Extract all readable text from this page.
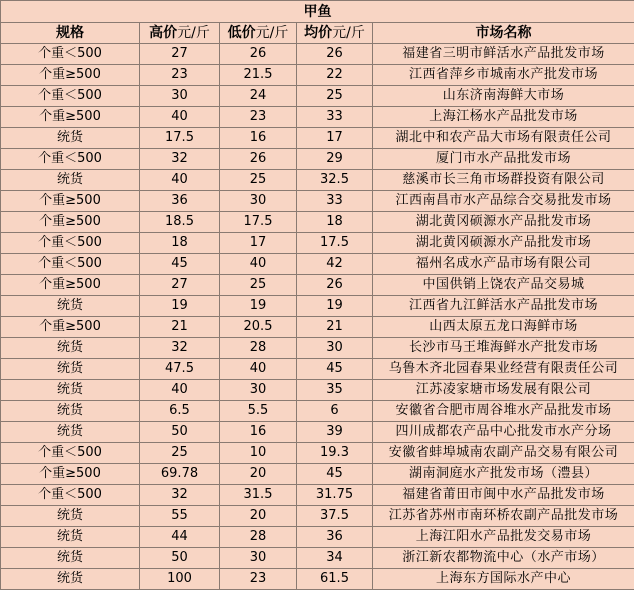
甲鱼				
规格	高价元/斤	低价元/斤	均价元/斤	市场名称
个重＜500	27	26	26	福建省三明市鲜活水产品批发市场
个重≥500	23	21.5	22	江西省萍乡市城南水产批发市场
个重＜500	30	24	25	山东济南海鲜大市场
个重≥500	40	23	33	上海江杨水产品批发市场
统货	17.5	16	17	湖北中和农产品大市场有限责任公司
个重＜500	32	26	29	厦门市水产品批发市场
统货	40	25	32.5	慈溪市长三角市场群投资有限公司
个重≥500	36	30	33	江西南昌市水产品综合交易批发市场
个重≥500	18.5	17.5	18	湖北黄冈硕源水产品批发市场
个重＜500	18	17	17.5	湖北黄冈硕源水产品批发市场
个重＜500	45	40	42	福州名成水产品市场有限公司
个重≥500	27	25	26	中国供销上饶农产品交易城
统货	19	19	19	江西省九江鲜活水产品批发市场
个重≥500	21	20.5	21	山西太原五龙口海鲜市场
统货	32	28	30	长沙市马王堆海鲜水产批发市场
统货	47.5	40	45	乌鲁木齐北园春果业经营有限责任公司
统货	40	30	35	江苏凌家塘市场发展有限公司
统货	6.5	5.5	6	安徽省合肥市周谷堆水产品批发市场
统货	50	16	39	四川成都农产品中心批发市水产分场
个重＜500	25	10	19.3	安徽省蚌埠城南农副产品交易有限公司
个重≥500	69.78	20	45	湖南洞庭水产批发市场（澧县）
个重＜500	32	31.5	31.75	福建省莆田市闽中水产品批发市场
统货	55	20	37.5	江苏省苏州市南环桥农副产品批发市场
统货	44	28	36	上海江阳水产品批发交易市场
统货	50	30	34	浙江新农都物流中心（水产市场）
统货	100	23	61.5	上海东方国际水产中心
